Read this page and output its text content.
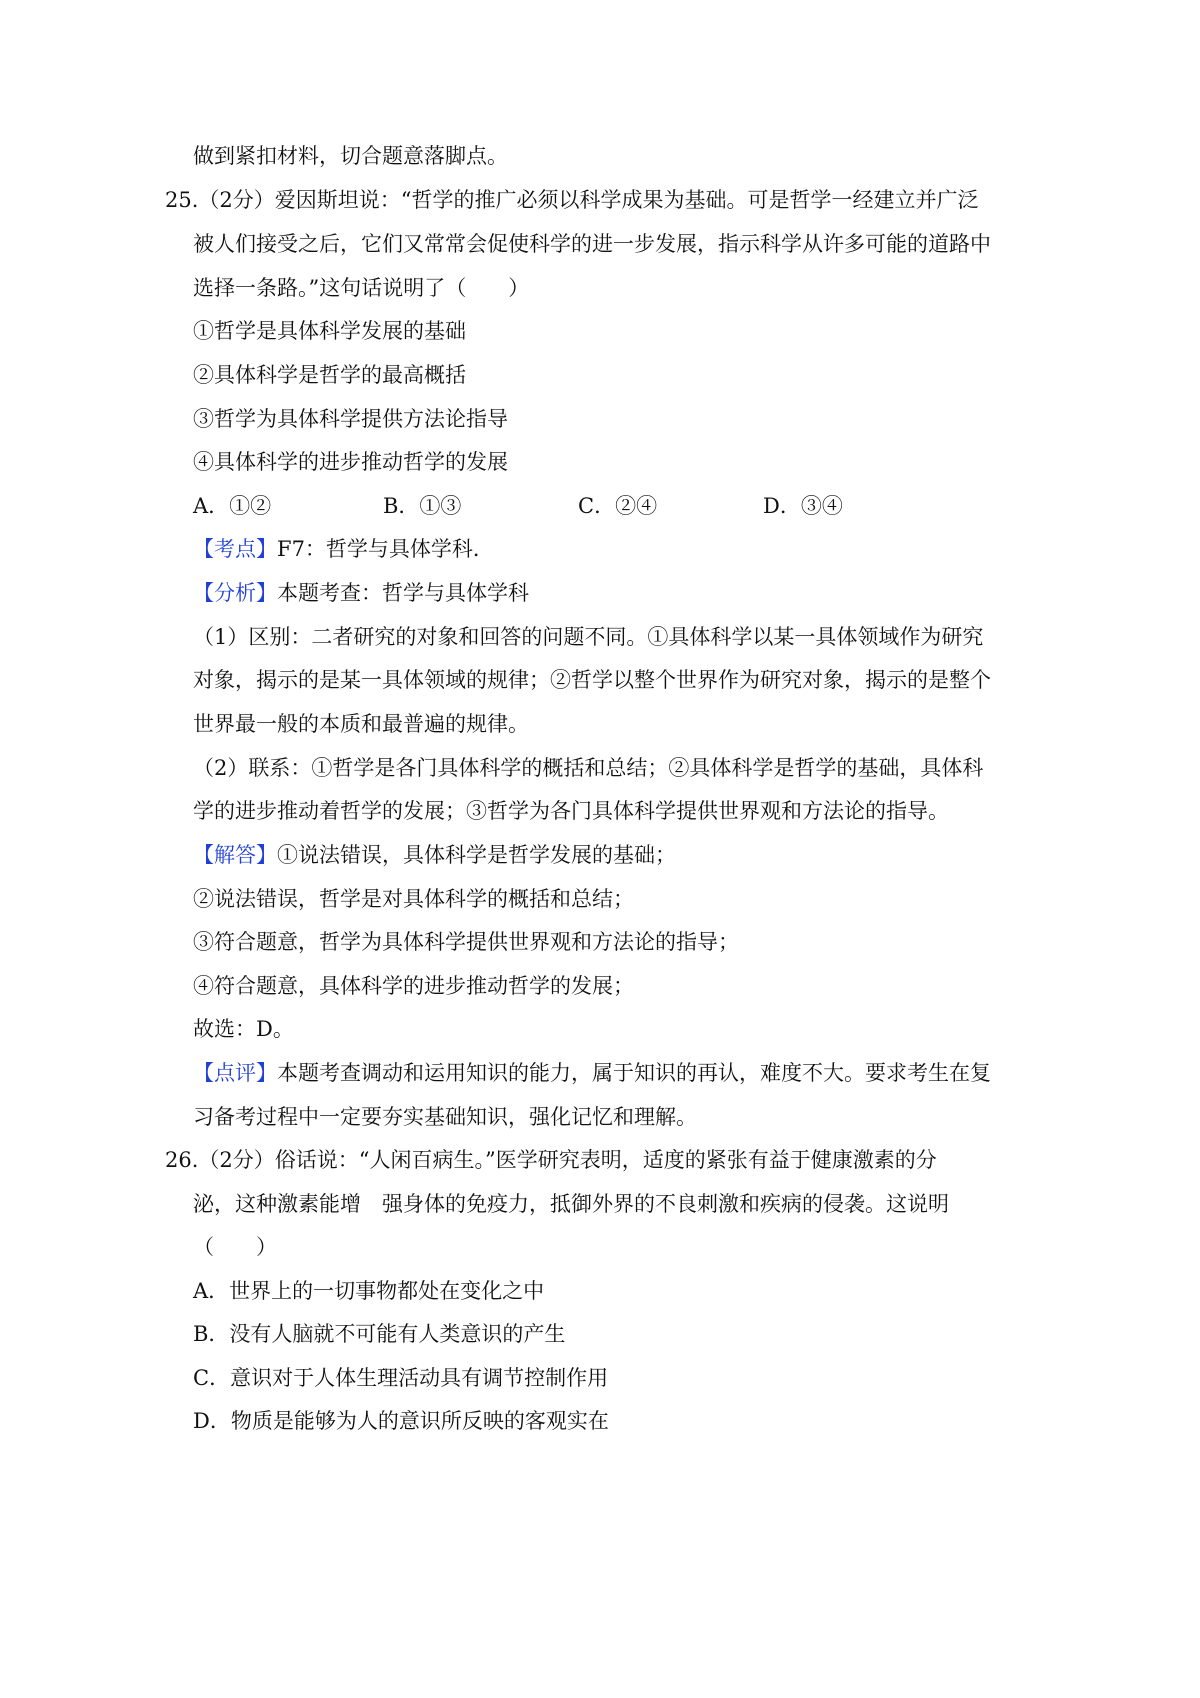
做到紧扣材料，切合题意落脚点。
25.（2分）爱因斯坦说：“哲学的推广必须以科学成果为基础。可是哲学一经建立并广泛
被人们接受之后，它们又常常会促使科学的进一步发展，指示科学从许多可能的道路中
选择一条路。”这句话说明了（　　）
①哲学是具体科学发展的基础
②具体科学是哲学的最高概括
③哲学为具体科学提供方法论指导
④具体科学的进步推动哲学的发展
A．①②	B．①③	C．②④	D．③④
【考点】F7：哲学与具体学科．
【分析】本题考查：哲学与具体学科
（1）区别：二者研究的对象和回答的问题不同。①具体科学以某一具体领域作为研究
对象，揭示的是某一具体领域的规律；②哲学以整个世界作为研究对象，揭示的是整个
世界最一般的本质和最普遍的规律。
（2）联系：①哲学是各门具体科学的概括和总结；②具体科学是哲学的基础，具体科
学的进步推动着哲学的发展；③哲学为各门具体科学提供世界观和方法论的指导。
【解答】①说法错误，具体科学是哲学发展的基础；
②说法错误，哲学是对具体科学的概括和总结；
③符合题意，哲学为具体科学提供世界观和方法论的指导；
④符合题意，具体科学的进步推动哲学的发展；
故选：D。
【点评】本题考查调动和运用知识的能力，属于知识的再认，难度不大。要求考生在复
习备考过程中一定要夯实基础知识，强化记忆和理解。
26.（2分）俗话说：“人闲百病生。”医学研究表明，适度的紧张有益于健康激素的分
泌，这种激素能增　强身体的免疫力，抵御外界的不良刺激和疾病的侵袭。这说明
（　　）
A．世界上的一切事物都处在变化之中
B．没有人脑就不可能有人类意识的产生
C．意识对于人体生理活动具有调节控制作用
D．物质是能够为人的意识所反映的客观实在
